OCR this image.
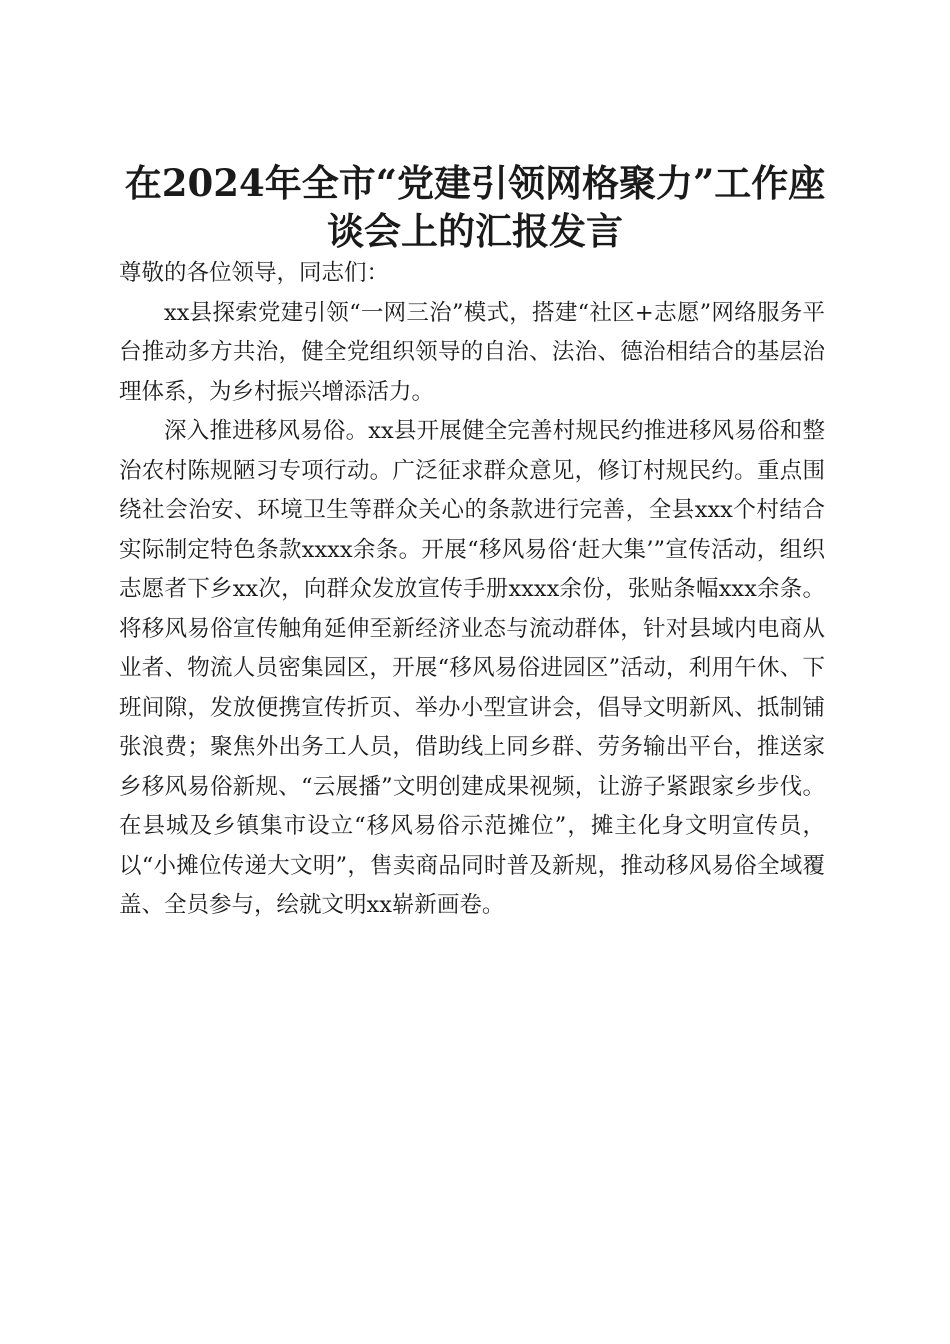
在2024年全市“党建引领网格聚力”工作座
谈会上的汇报发言

尊敬的各位领导，同志们：

xx县探索党建引领“一网三治”模式，搭建“社区+志愿”网络服务平台推动多方共治，健全党组织领导的自治、法治、德治相结合的基层治理体系，为乡村振兴增添活力。

深入推进移风易俗。xx县开展健全完善村规民约推进移风易俗和整治农村陈规陋习专项行动。广泛征求群众意见，修订村规民约。重点围绕社会治安、环境卫生等群众关心的条款进行完善，全县xxx个村结合实际制定特色条款xxxx余条。开展“移风易俗‘赶大集’”宣传活动，组织志愿者下乡xx次，向群众发放宣传手册xxxx余份，张贴条幅xxx余条。将移风易俗宣传触角延伸至新经济业态与流动群体，针对县域内电商从业者、物流人员密集园区，开展“移风易俗进园区”活动，利用午休、下班间隙，发放便携宣传折页、举办小型宣讲会，倡导文明新风、抵制铺张浪费；聚焦外出务工人员，借助线上同乡群、劳务输出平台，推送家乡移风易俗新规、“云展播”文明创建成果视频，让游子紧跟家乡步伐。在县城及乡镇集市设立“移风易俗示范摊位”，摊主化身文明宣传员，以“小摊位传递大文明”，售卖商品同时普及新规，推动移风易俗全域覆盖、全员参与，绘就文明xx崭新画卷。
